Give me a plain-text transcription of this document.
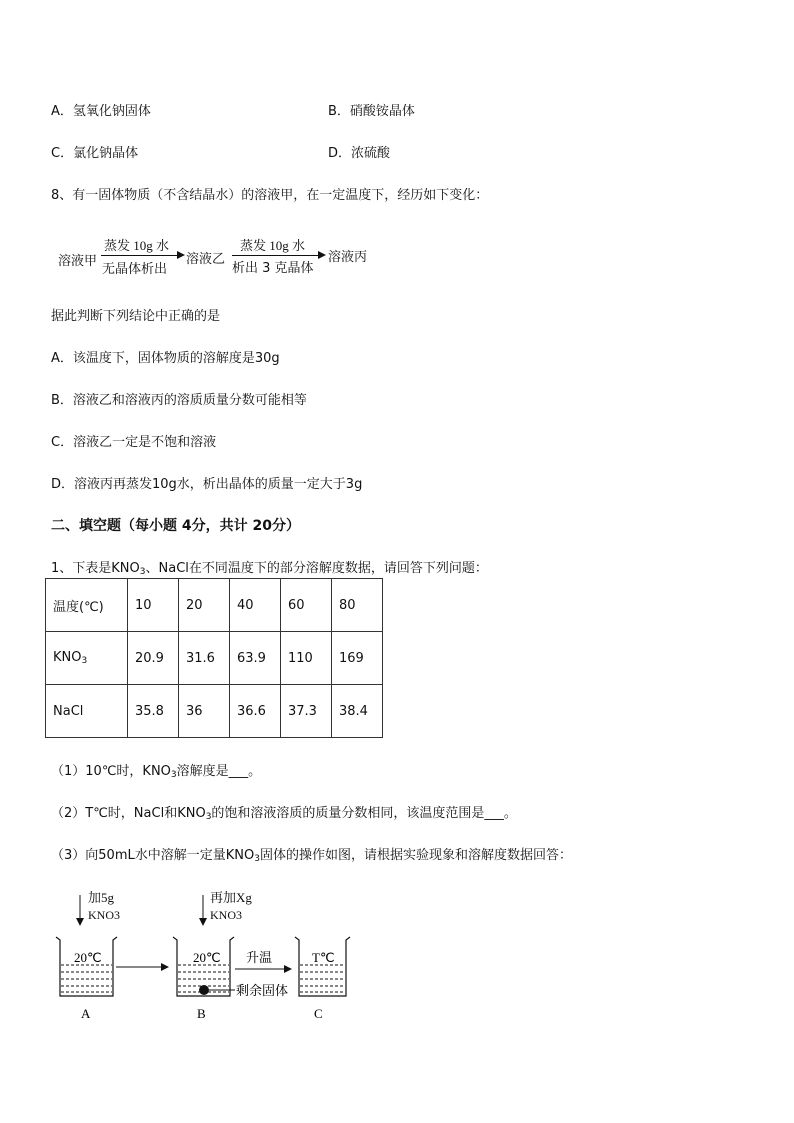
A．氢氧化钠固体	B．硝酸铵晶体
C．氯化钠晶体	D．浓硫酸
8、有一固体物质（不含结晶水）的溶液甲，在一定温度下，经历如下变化：
溶液甲
蒸发 10g 水
无晶体析出
溶液乙
蒸发 10g 水
析出 3 克晶体
溶液丙
据此判断下列结论中正确的是
A．该温度下，固体物质的溶解度是30g
B．溶液乙和溶液丙的溶质质量分数可能相等
C．溶液乙一定是不饱和溶液
D．溶液丙再蒸发10g水，析出晶体的质量一定大于3g
二、填空题（每小题 4分，共计 20分）
1、下表是$KNO_3$、NaCl在不同温度下的部分溶解度数据，请回答下列问题：
温度(℃)	10	20	40	60	80
$KNO_3$	20.9	31.6	63.9	110	169
NaCl	35.8	36	36.6	37.3	38.4
（1）10℃时，$KNO_3$溶解度是___。
（2）T℃时，NaCl和$KNO_3$的饱和溶液溶质的质量分数相同，该温度范围是___。
（3）向50mL水中溶解一定量$KNO_3$固体的操作如图，请根据实验现象和溶解度数据回答：
加5g
KNO3
再加Xg
KNO3
20℃	20℃
剩余固体
升温	T℃
A	B	C
